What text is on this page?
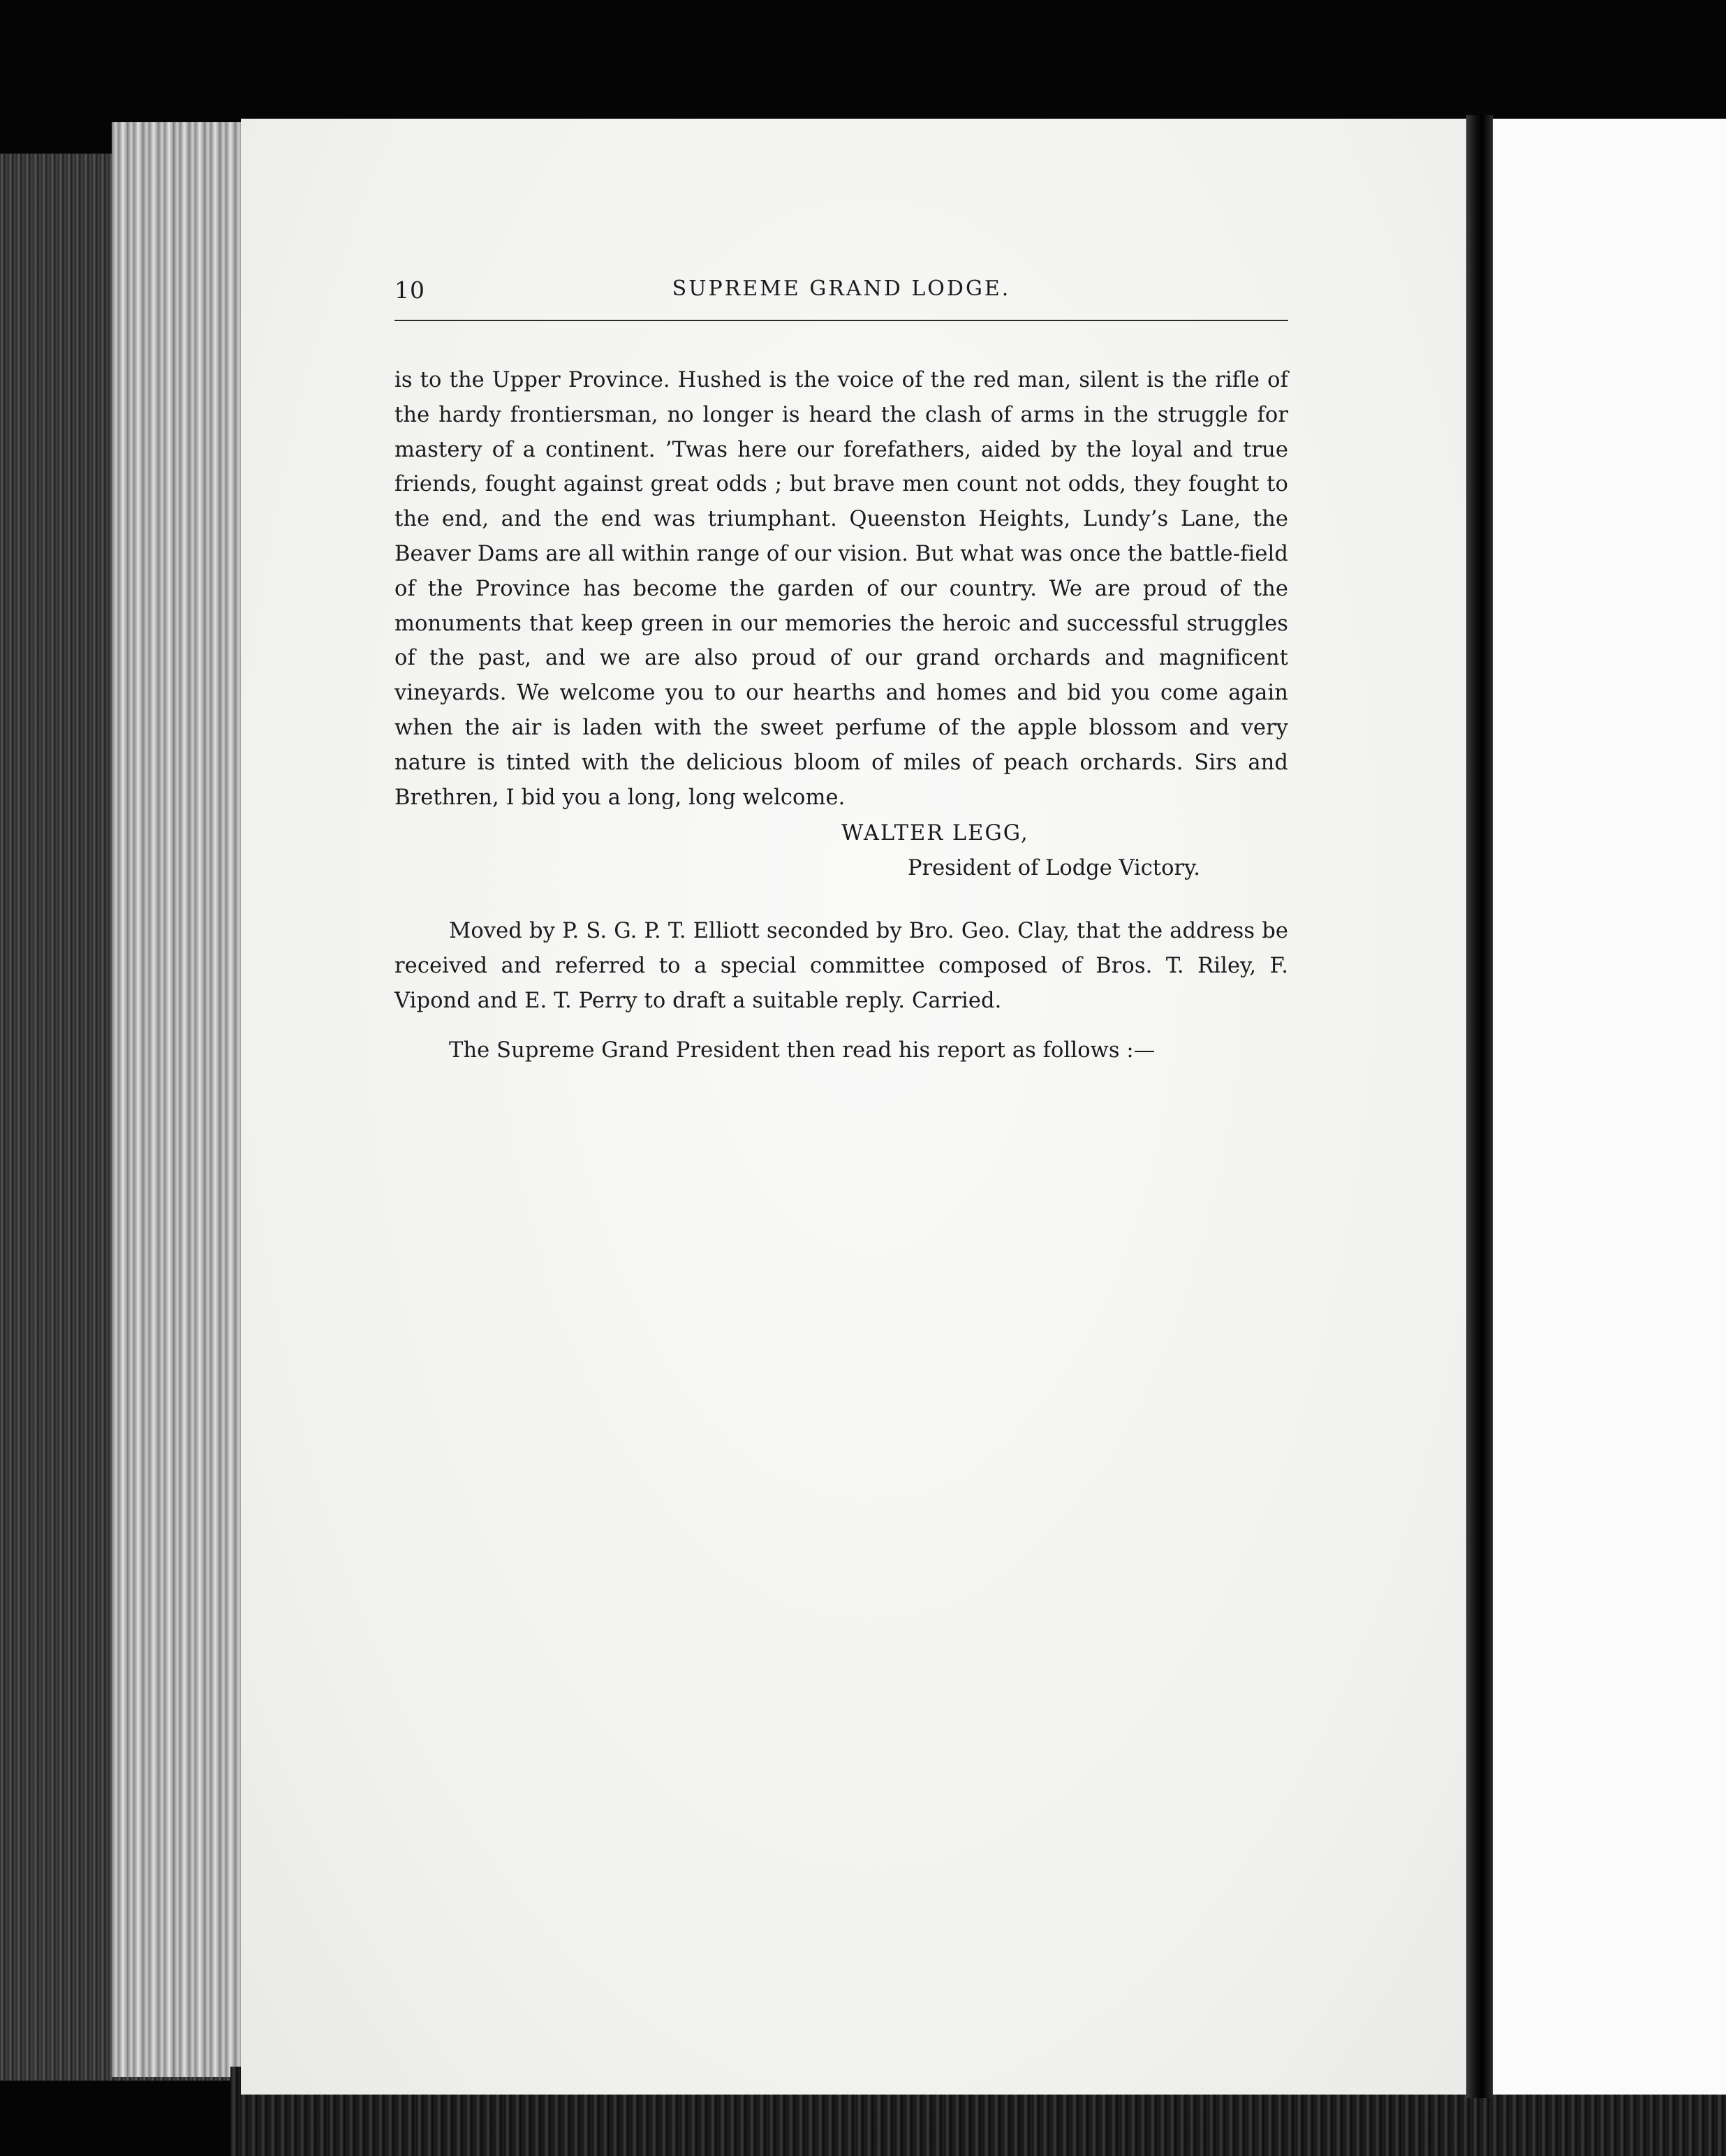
10	SUPREME GRAND LODGE.

is to the Upper Province. Hushed is the voice of the red man, silent is the rifle of the hardy frontiersman, no longer is heard the clash of arms in the struggle for mastery of a continent. ’Twas here our forefathers, aided by the loyal and true friends, fought against great odds ; but brave men count not odds, they fought to the end, and the end was triumphant. Queenston Heights, Lundy’s Lane, the Beaver Dams are all within range of our vision. But what was once the battle-field of the Province has become the garden of our country. We are proud of the monuments that keep green in our memories the heroic and successful struggles of the past, and we are also proud of our grand orchards and magnificent vineyards. We welcome you to our hearths and homes and bid you come again when the air is laden with the sweet perfume of the apple blossom and very nature is tinted with the delicious bloom of miles of peach orchards. Sirs and Brethren, I bid you a long, long welcome.

WALTER LEGG,
President of Lodge Victory.

Moved by P. S. G. P. T. Elliott seconded by Bro. Geo. Clay, that the address be received and referred to a special committee composed of Bros. T. Riley, F. Vipond and E. T. Perry to draft a suitable reply. Carried.

The Supreme Grand President then read his report as follows :—
